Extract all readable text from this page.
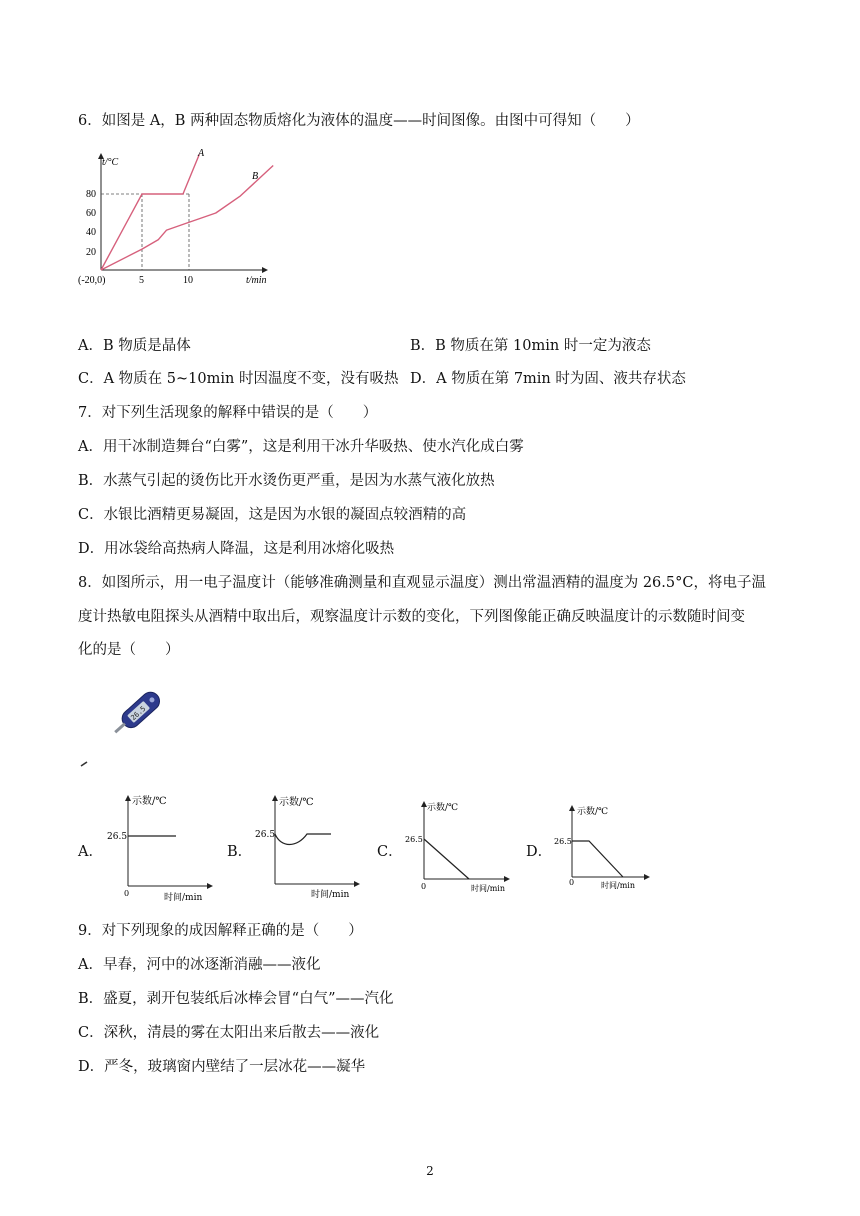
6．如图是 A，B 两种固态物质熔化为液体的温度——时间图像。由图中可得知（　　）
t/°C
80
60
40
20
(-20,0)	5	10	t/min
A
B
A．B 物质是晶体	B．B 物质在第 10min 时一定为液态
C．A 物质在 5~10min 时因温度不变，没有吸热 D．A 物质在第 7min 时为固、液共存状态
7．对下列生活现象的解释中错误的是（　　）
A．用干冰制造舞台“白雾”，这是利用干冰升华吸热、使水汽化成白雾
B．水蒸气引起的烫伤比开水烫伤更严重，是因为水蒸气液化放热
C．水银比酒精更易凝固，这是因为水银的凝固点较酒精的高
D．用冰袋给高热病人降温，这是利用冰熔化吸热
8．如图所示，用一电子温度计（能够准确测量和直观显示温度）测出常温酒精的温度为 26.5°C，将电子温
度计热敏电阻探头从酒精中取出后，观察温度计示数的变化，下列图像能正确反映温度计的示数随时间变
化的是（　　）
26.5
A．	B．	C．	D．
示数/℃
26.5
0	时间/min
示数/℃
26.5
时间/min
示数/℃
26.5
0	时间/min
示数/℃
26.5
0	时间/min
9．对下列现象的成因解释正确的是（　　）
A．早春，河中的冰逐渐消融——液化
B．盛夏，剥开包装纸后冰棒会冒“白气”——汽化
C．深秋，清晨的雾在太阳出来后散去——液化
D．严冬，玻璃窗内壁结了一层冰花——凝华
2
